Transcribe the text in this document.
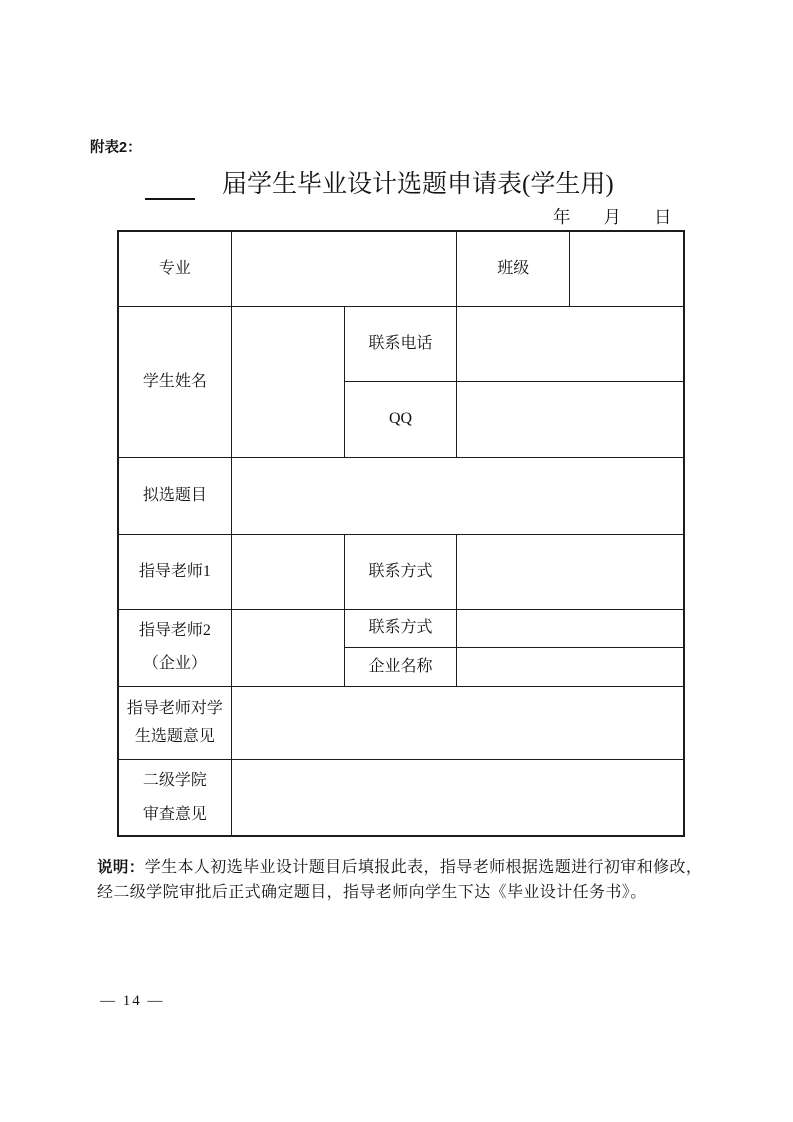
附表2：
届学生毕业设计选题申请表(学生用)
年 月 日
专业	班级
学生姓名
联系电话
QQ
拟选题目
指导老师1	联系方式
指导老师2
（企业）
联系方式
企业名称
指导老师对学
生选题意见
二级学院
审查意见
说明：学生本人初选毕业设计题目后填报此表，指导老师根据选题进行初审和修改，
经二级学院审批后正式确定题目，指导老师向学生下达《毕业设计任务书》。
— 14 —
